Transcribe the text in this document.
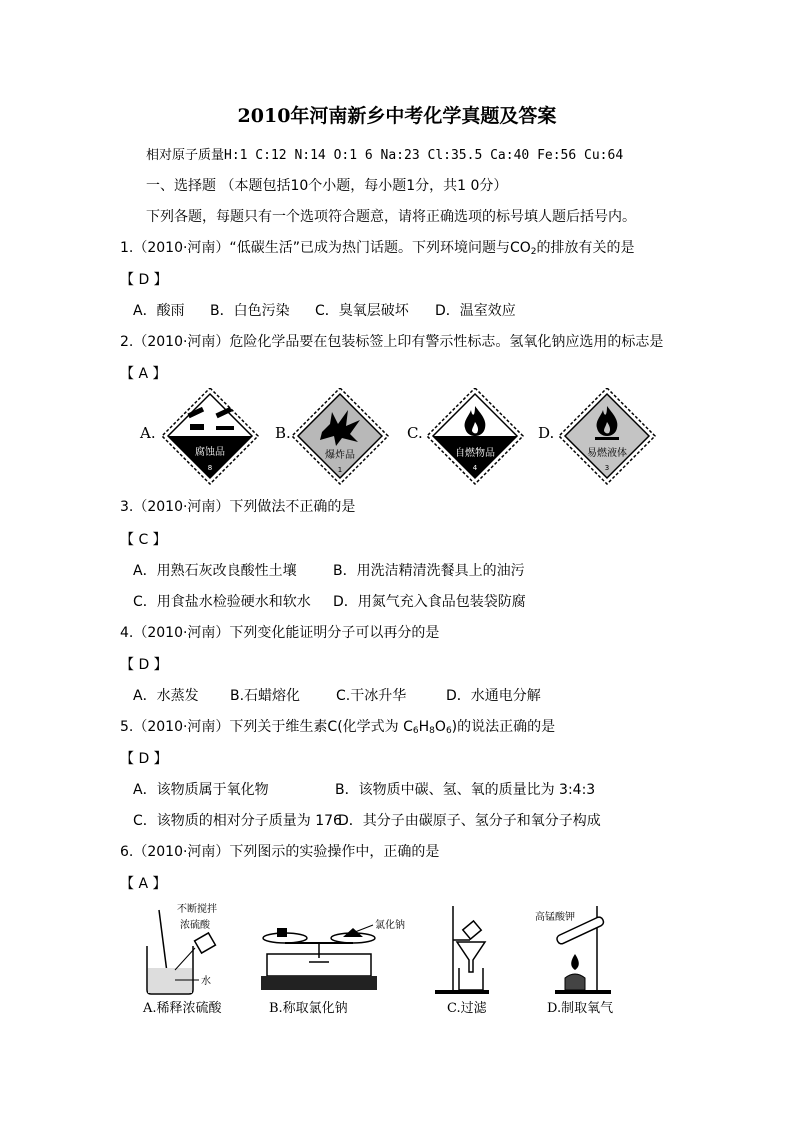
2010年河南新乡中考化学真题及答案
相对原子质量H:1 C:12 N:14 O:1 6 Na:23 Cl:35.5 Ca:40 Fe:56 Cu:64
一、选择题 （本题包括10个小题，每小题1分，共1 0分）
下列各题，每题只有一个选项符合题意，请将正确选项的标号填人题后括号内。
1.（2010·河南）“低碳生活”已成为热门话题。下列环境问题与$CO_2$的排放有关的是
【 D 】
A．酸雨 B．白色污染 C．臭氧层破坏 D．温室效应
2.（2010·河南）危险化学品要在包装标签上印有警示性标志。氢氧化钠应选用的标志是
【 A 】
A.
腐蚀品
8
B.
爆炸品
1
C.
自燃物品
4
D.
易燃液体
3
3.（2010·河南）下列做法不正确的是
【 C 】
A．用熟石灰改良酸性土壤	B．用洗洁精清洗餐具上的油污
C．用食盐水检验硬水和软水 D．用氮气充入食品包装袋防腐
4.（2010·河南）下列变化能证明分子可以再分的是
【 D 】
A．水蒸发 B.石蜡熔化	C.干冰升华	D．水通电分解
5.（2010·河南）下列关于维生素C(化学式为 $C_6H_8O_6$)的说法正确的是
【 D 】
A．该物质属于氧化物	B．该物质中碳、氢、氧的质量比为 3:4:3
C．该物质的相对分子质量为 176
D．其分子由碳原子、氢分子和氧分子构成
6.（2010·河南）下列图示的实验操作中，正确的是
【 A 】
不断搅拌
浓硫酸
水
A.稀释浓硫酸
氯化钠
B.称取氯化钠	C.过滤
高锰酸钾
D.制取氧气
